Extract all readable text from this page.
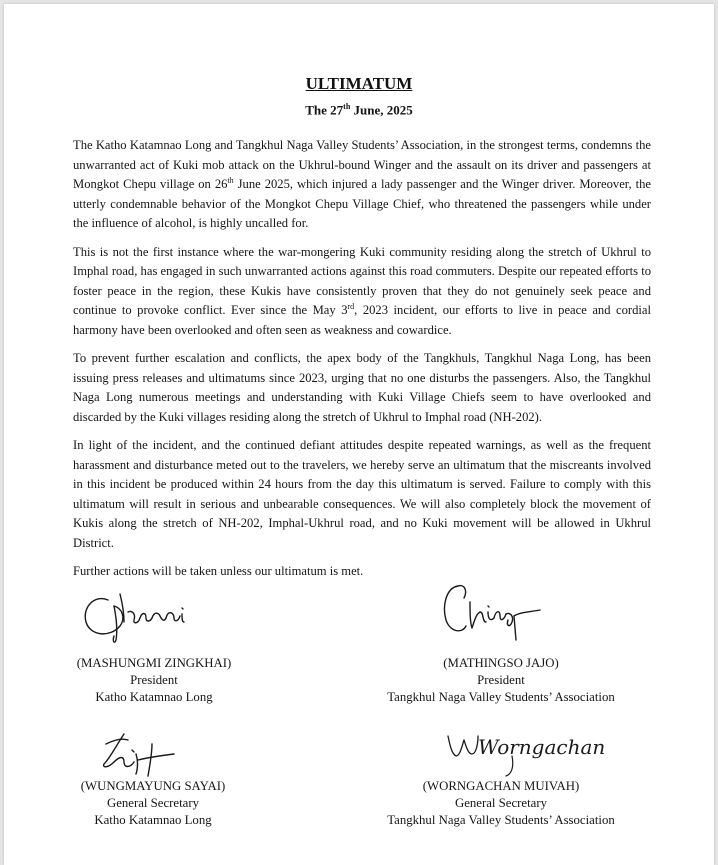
ULTIMATUM
The 27th June, 2025

The Katho Katamnao Long and Tangkhul Naga Valley Students’ Association, in the strongest terms, condemns the unwarranted act of Kuki mob attack on the Ukhrul-bound Winger and the assault on its driver and passengers at Mongkot Chepu village on 26th June 2025, which injured a lady passenger and the Winger driver. Moreover, the utterly condemnable behavior of the Mongkot Chepu Village Chief, who threatened the passengers while under the influence of alcohol, is highly uncalled for.

This is not the first instance where the war-mongering Kuki community residing along the stretch of Ukhrul to Imphal road, has engaged in such unwarranted actions against this road commuters. Despite our repeated efforts to foster peace in the region, these Kukis have consistently proven that they do not genuinely seek peace and continue to provoke conflict. Ever since the May 3rd, 2023 incident, our efforts to live in peace and cordial harmony have been overlooked and often seen as weakness and cowardice.

To prevent further escalation and conflicts, the apex body of the Tangkhuls, Tangkhul Naga Long, has been issuing press releases and ultimatums since 2023, urging that no one disturbs the passengers. Also, the Tangkhul Naga Long numerous meetings and understanding with Kuki Village Chiefs seem to have overlooked and discarded by the Kuki villages residing along the stretch of Ukhrul to Imphal road (NH-202).

In light of the incident, and the continued defiant attitudes despite repeated warnings, as well as the frequent harassment and disturbance meted out to the travelers, we hereby serve an ultimatum that the miscreants involved in this incident be produced within 24 hours from the day this ultimatum is served. Failure to comply with this ultimatum will result in serious and unbearable consequences. We will also completely block the movement of Kukis along the stretch of NH-202, Imphal-Ukhrul road, and no Kuki movement will be allowed in Ukhrul District.

Further actions will be taken unless our ultimatum is met.

Worngachan
(MASHUNGMI ZINGKHAI)
President
Katho Katamnao Long
(MATHINGSO JAJO)
President
Tangkhul Naga Valley Students’ Association
(WUNGMAYUNG SAYAI)
General Secretary
Katho Katamnao Long
(WORNGACHAN MUIVAH)
General Secretary
Tangkhul Naga Valley Students’ Association
